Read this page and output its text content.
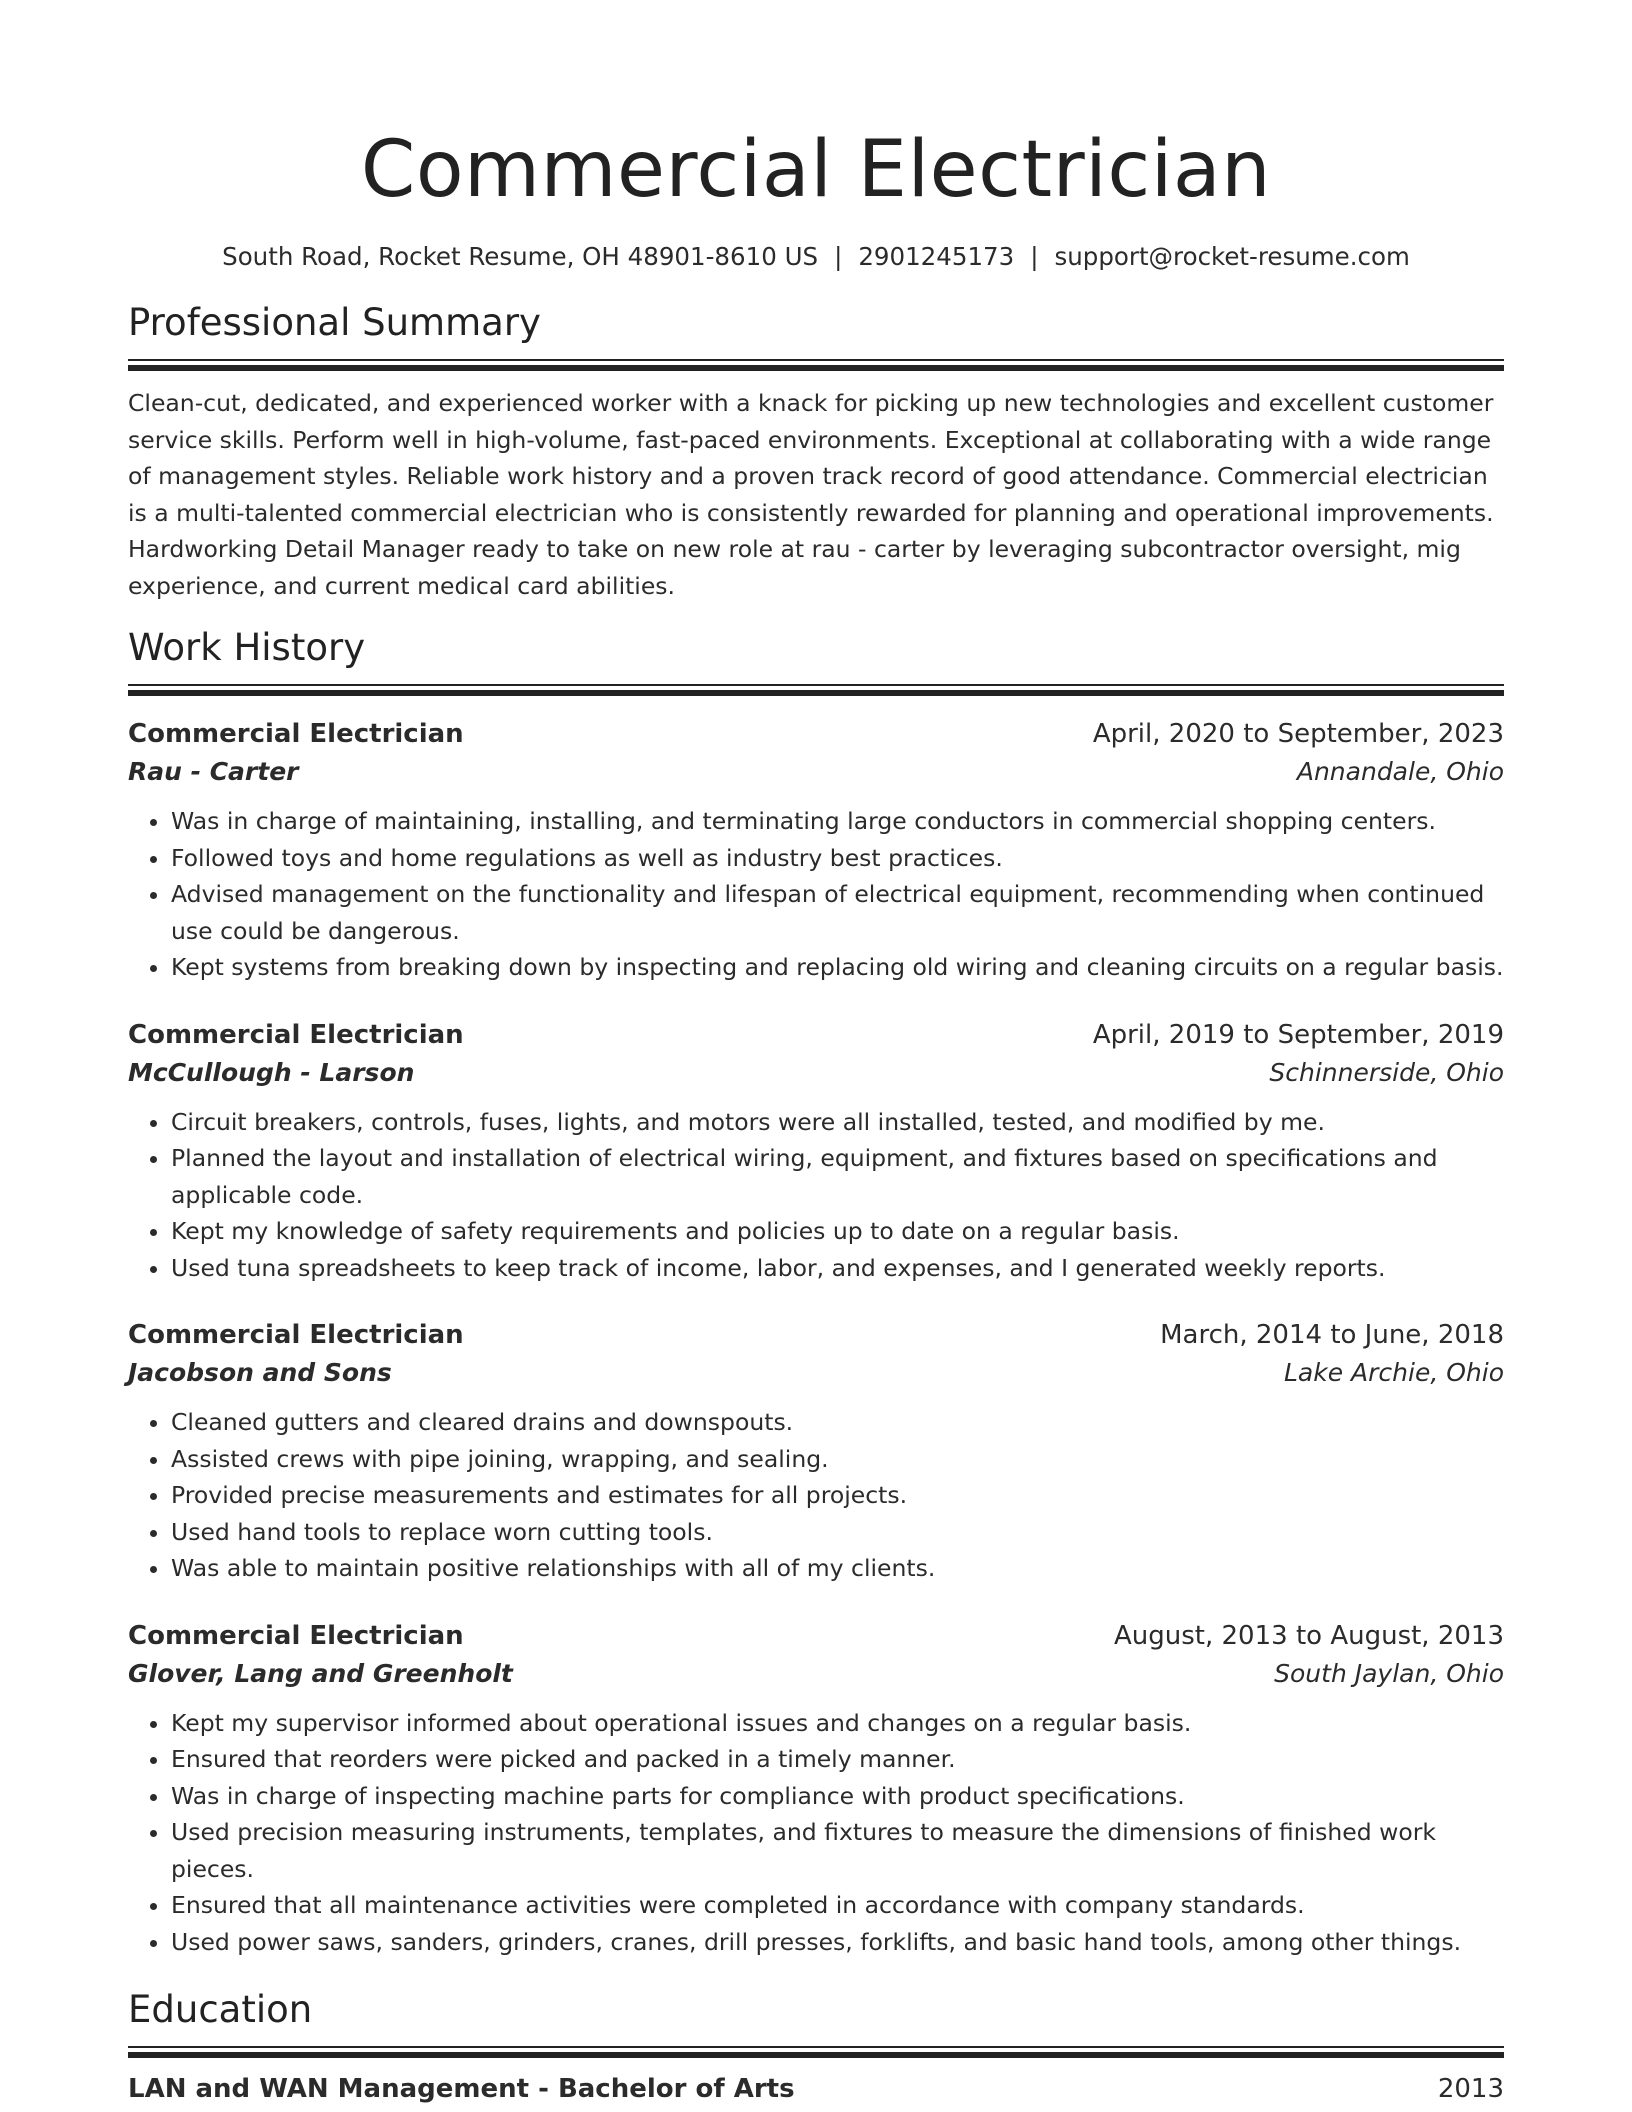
Commercial Electrician
South Road, Rocket Resume, OH 48901-8610 US | 2901245173 | support@rocket-resume.com
Professional Summary

Clean-cut, dedicated, and experienced worker with a knack for picking up new technologies and excellent customer service skills. Perform well in high-volume, fast-paced environments. Exceptional at collaborating with a wide range of management styles. Reliable work history and a proven track record of good attendance. Commercial electrician is a multi-talented commercial electrician who is consistently rewarded for planning and operational improvements. Hardworking Detail Manager ready to take on new role at rau - carter by leveraging subcontractor oversight, mig experience, and current medical card abilities.

Work History
Commercial Electrician	April, 2020 to September, 2023
Rau - Carter	Annandale, Ohio
• Was in charge of maintaining, installing, and terminating large conductors in commercial shopping centers.
• Followed toys and home regulations as well as industry best practices.
• Advised management on the functionality and lifespan of electrical equipment, recommending when continued use could be dangerous.
• Kept systems from breaking down by inspecting and replacing old wiring and cleaning circuits on a regular basis.
Commercial Electrician	April, 2019 to September, 2019
McCullough - Larson	Schinnerside, Ohio
• Circuit breakers, controls, fuses, lights, and motors were all installed, tested, and modified by me.
• Planned the layout and installation of electrical wiring, equipment, and fixtures based on specifications and applicable code.
• Kept my knowledge of safety requirements and policies up to date on a regular basis.
• Used tuna spreadsheets to keep track of income, labor, and expenses, and I generated weekly reports.
Commercial Electrician	March, 2014 to June, 2018
Jacobson and Sons	Lake Archie, Ohio
• Cleaned gutters and cleared drains and downspouts.
• Assisted crews with pipe joining, wrapping, and sealing.
• Provided precise measurements and estimates for all projects.
• Used hand tools to replace worn cutting tools.
• Was able to maintain positive relationships with all of my clients.
Commercial Electrician	August, 2013 to August, 2013
Glover, Lang and Greenholt	South Jaylan, Ohio
• Kept my supervisor informed about operational issues and changes on a regular basis.
• Ensured that reorders were picked and packed in a timely manner.
• Was in charge of inspecting machine parts for compliance with product specifications.
• Used precision measuring instruments, templates, and fixtures to measure the dimensions of finished work pieces.
• Ensured that all maintenance activities were completed in accordance with company standards.
• Used power saws, sanders, grinders, cranes, drill presses, forklifts, and basic hand tools, among other things.
Education
LAN and WAN Management - Bachelor of Arts	2013
